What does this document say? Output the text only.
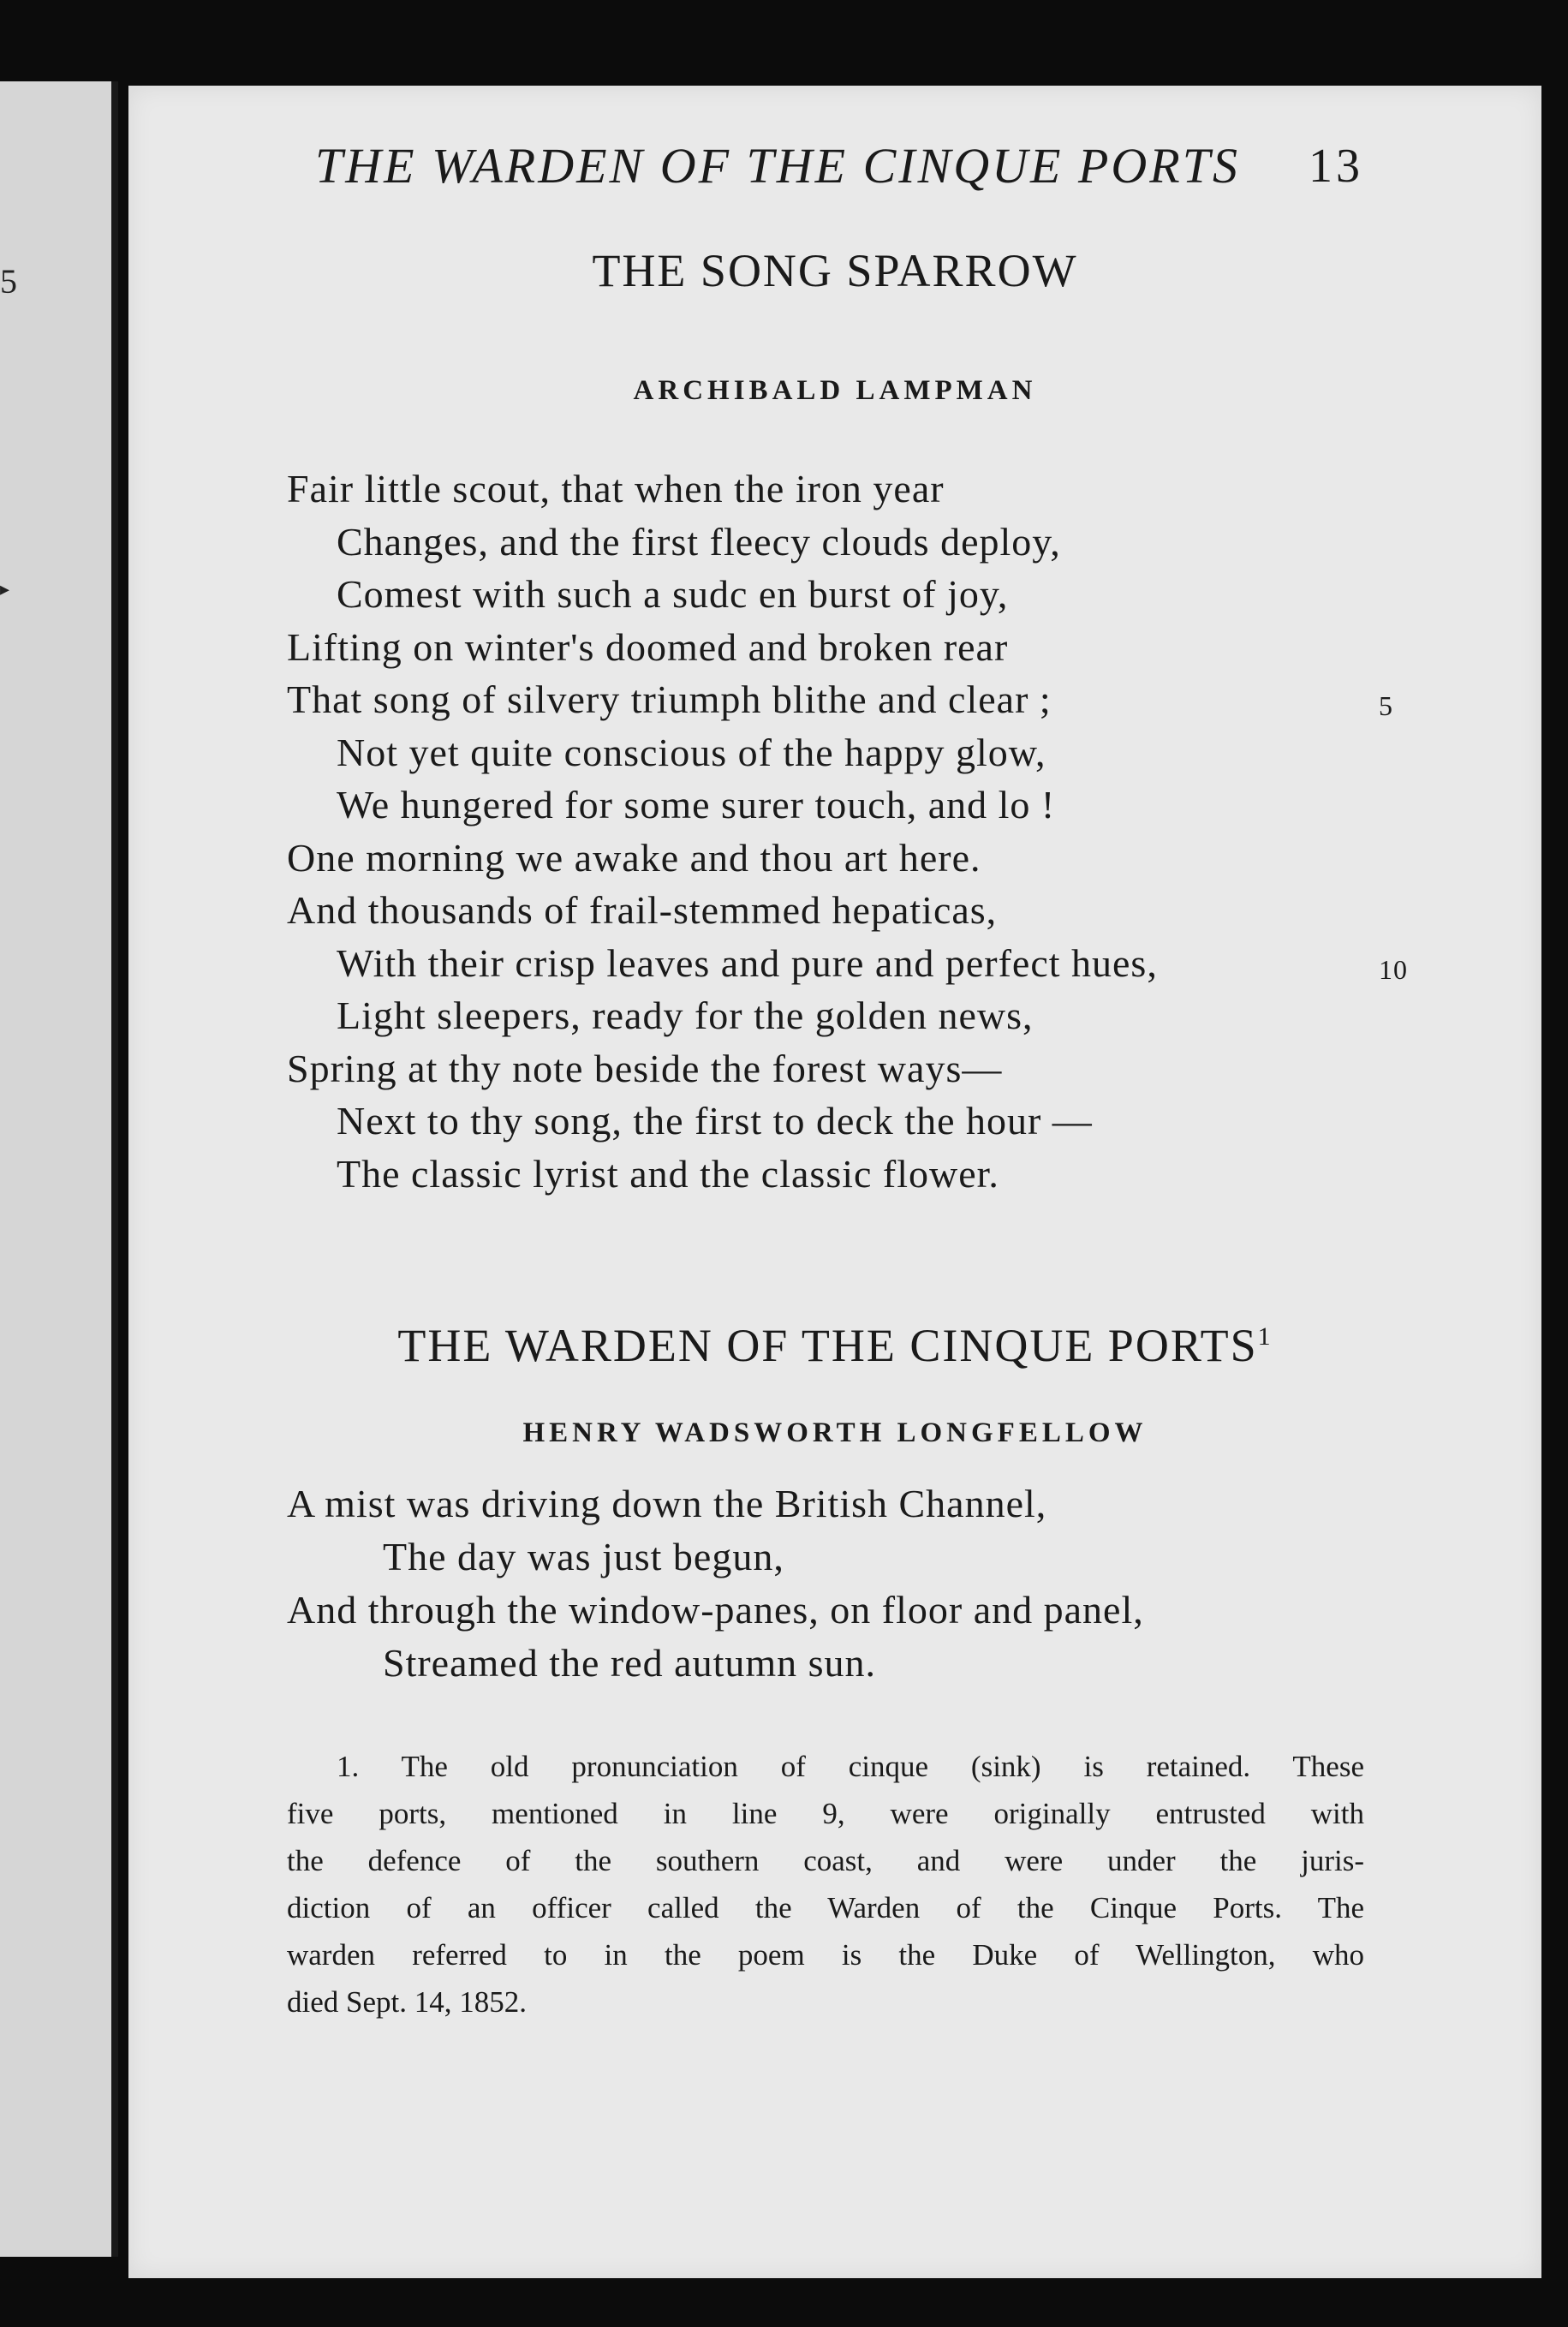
5
▸
THE WARDEN OF THE CINQUE PORTS	13
THE SONG SPARROW
ARCHIBALD LAMPMAN
Fair little scout, that when the iron year
Changes, and the first fleecy clouds deploy,
Comest with such a sudc en burst of joy,
Lifting on winter's doomed and broken rear
That song of silvery triumph blithe and clear ;	5
Not yet quite conscious of the happy glow,
We hungered for some surer touch, and lo !
One morning we awake and thou art here.
And thousands of frail-stemmed hepaticas,
With their crisp leaves and pure and perfect hues,	10
Light sleepers, ready for the golden news,
Spring at thy note beside the forest ways—
Next to thy song, the first to deck the hour —
The classic lyrist and the classic flower.
THE WARDEN OF THE CINQUE PORTS$^1$
HENRY WADSWORTH LONGFELLOW
A mist was driving down the British Channel,
The day was just begun,
And through the window-panes, on floor and panel,
Streamed the red autumn sun.
1. The old pronunciation of cinque (sink) is retained. These
five ports, mentioned in line 9, were originally entrusted with
the defence of the southern coast, and were under the juris-
diction of an officer called the Warden of the Cinque Ports. The
warden referred to in the poem is the Duke of Wellington, who
died Sept. 14, 1852.
